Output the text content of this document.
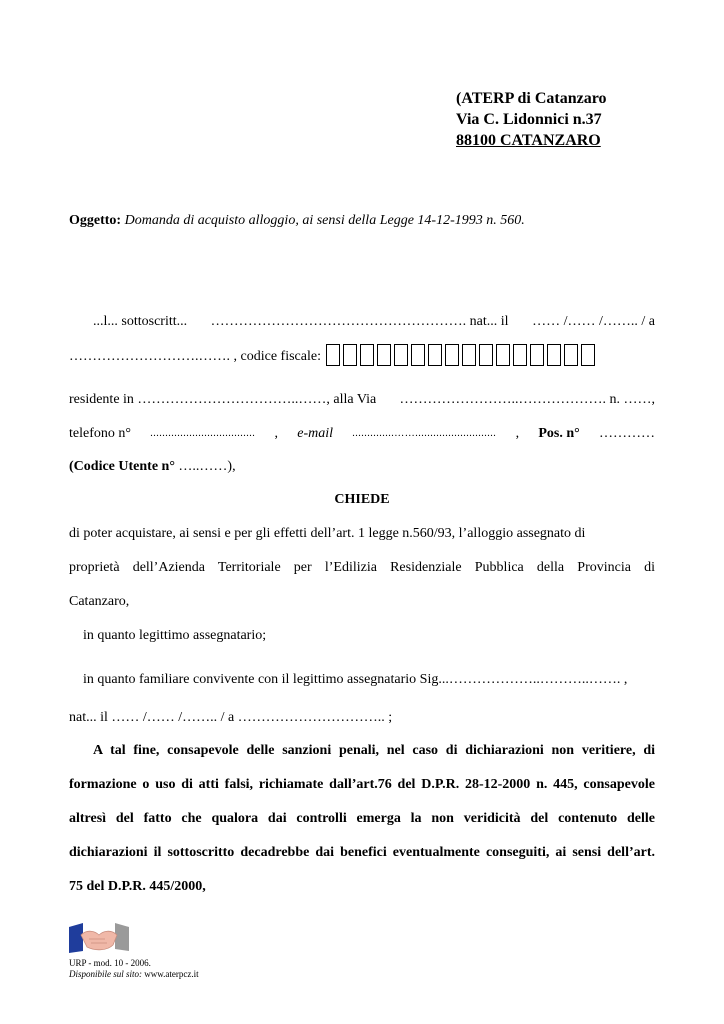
(ATERP di Catanzaro
Via C. Lidonnici n.37
88100 CATANZARO
Oggetto: Domanda di acquisto alloggio, ai sensi della Legge 14-12-1993 n. 560.
...l... sottoscritt... ………………………………………………. nat... il …… /…… /…….. / a
……………………….……. , codice fiscale:
residente in ……………………………..……, alla Via ……………………..………………. n. ……,
telefono n° ................................... , e-mail ..............……........................... , Pos. n° …………
(Codice Utente n° …..……),
CHIEDE
di poter acquistare, ai sensi e per gli effetti dell’art. 1 legge n.560/93, l’alloggio assegnato di
proprietà dell’Azienda Territoriale per l’Edilizia Residenziale Pubblica della Provincia di
Catanzaro,
in quanto legittimo assegnatario;
in quanto familiare convivente con il legittimo assegnatario Sig...………………..………..……. ,
nat... il …… /…… /…….. / a ………………………….. ;
A tal fine, consapevole delle sanzioni penali, nel caso di dichiarazioni non veritiere, di
formazione o uso di atti falsi, richiamate dall’art.76 del D.P.R. 28-12-2000 n. 445, consapevole
altresì del fatto che qualora dai controlli emerga la non veridicità del contenuto delle
dichiarazioni il sottoscritto decadrebbe dai benefici eventualmente conseguiti, ai sensi dell’art.
75 del D.P.R. 445/2000,
URP - mod. 10 - 2006.
Disponibile sul sito: www.aterpcz.it
